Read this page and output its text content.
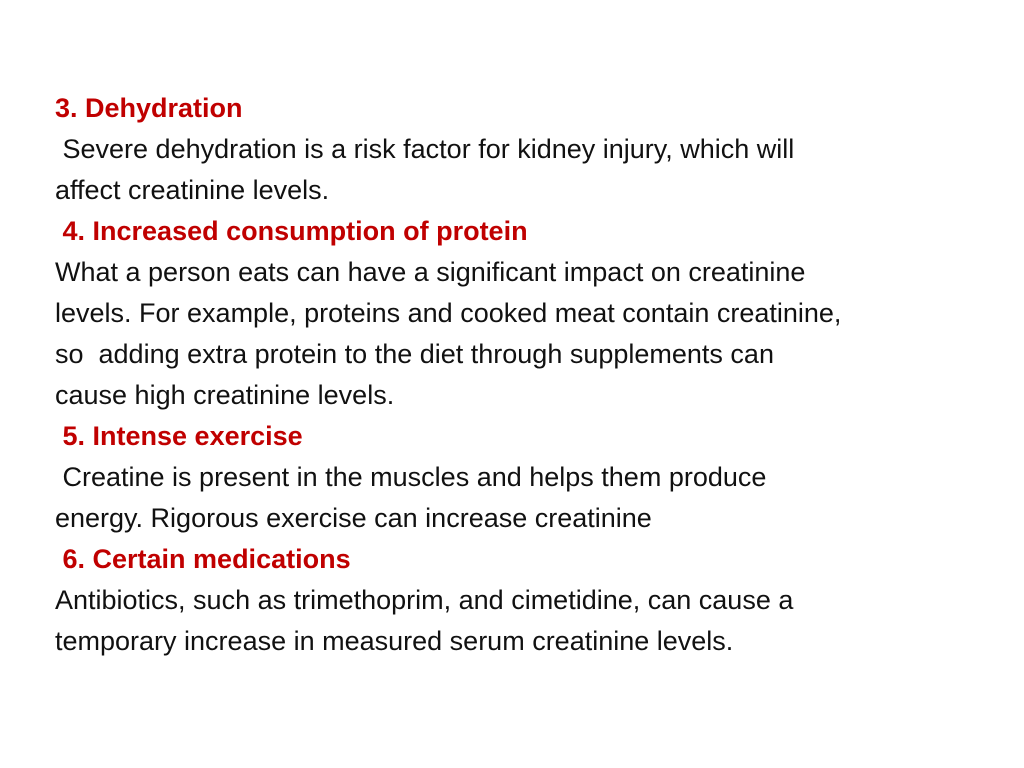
3. Dehydration
Severe dehydration is a risk factor for kidney injury, which will
affect creatinine levels.
4. Increased consumption of protein
What a person eats can have a significant impact on creatinine
levels. For example, proteins and cooked meat contain creatinine,
so  adding extra protein to the diet through supplements can
cause high creatinine levels.
5. Intense exercise
Creatine is present in the muscles and helps them produce
energy. Rigorous exercise can increase creatinine
6. Certain medications
Antibiotics, such as trimethoprim, and cimetidine, can cause a
temporary increase in measured serum creatinine levels.
